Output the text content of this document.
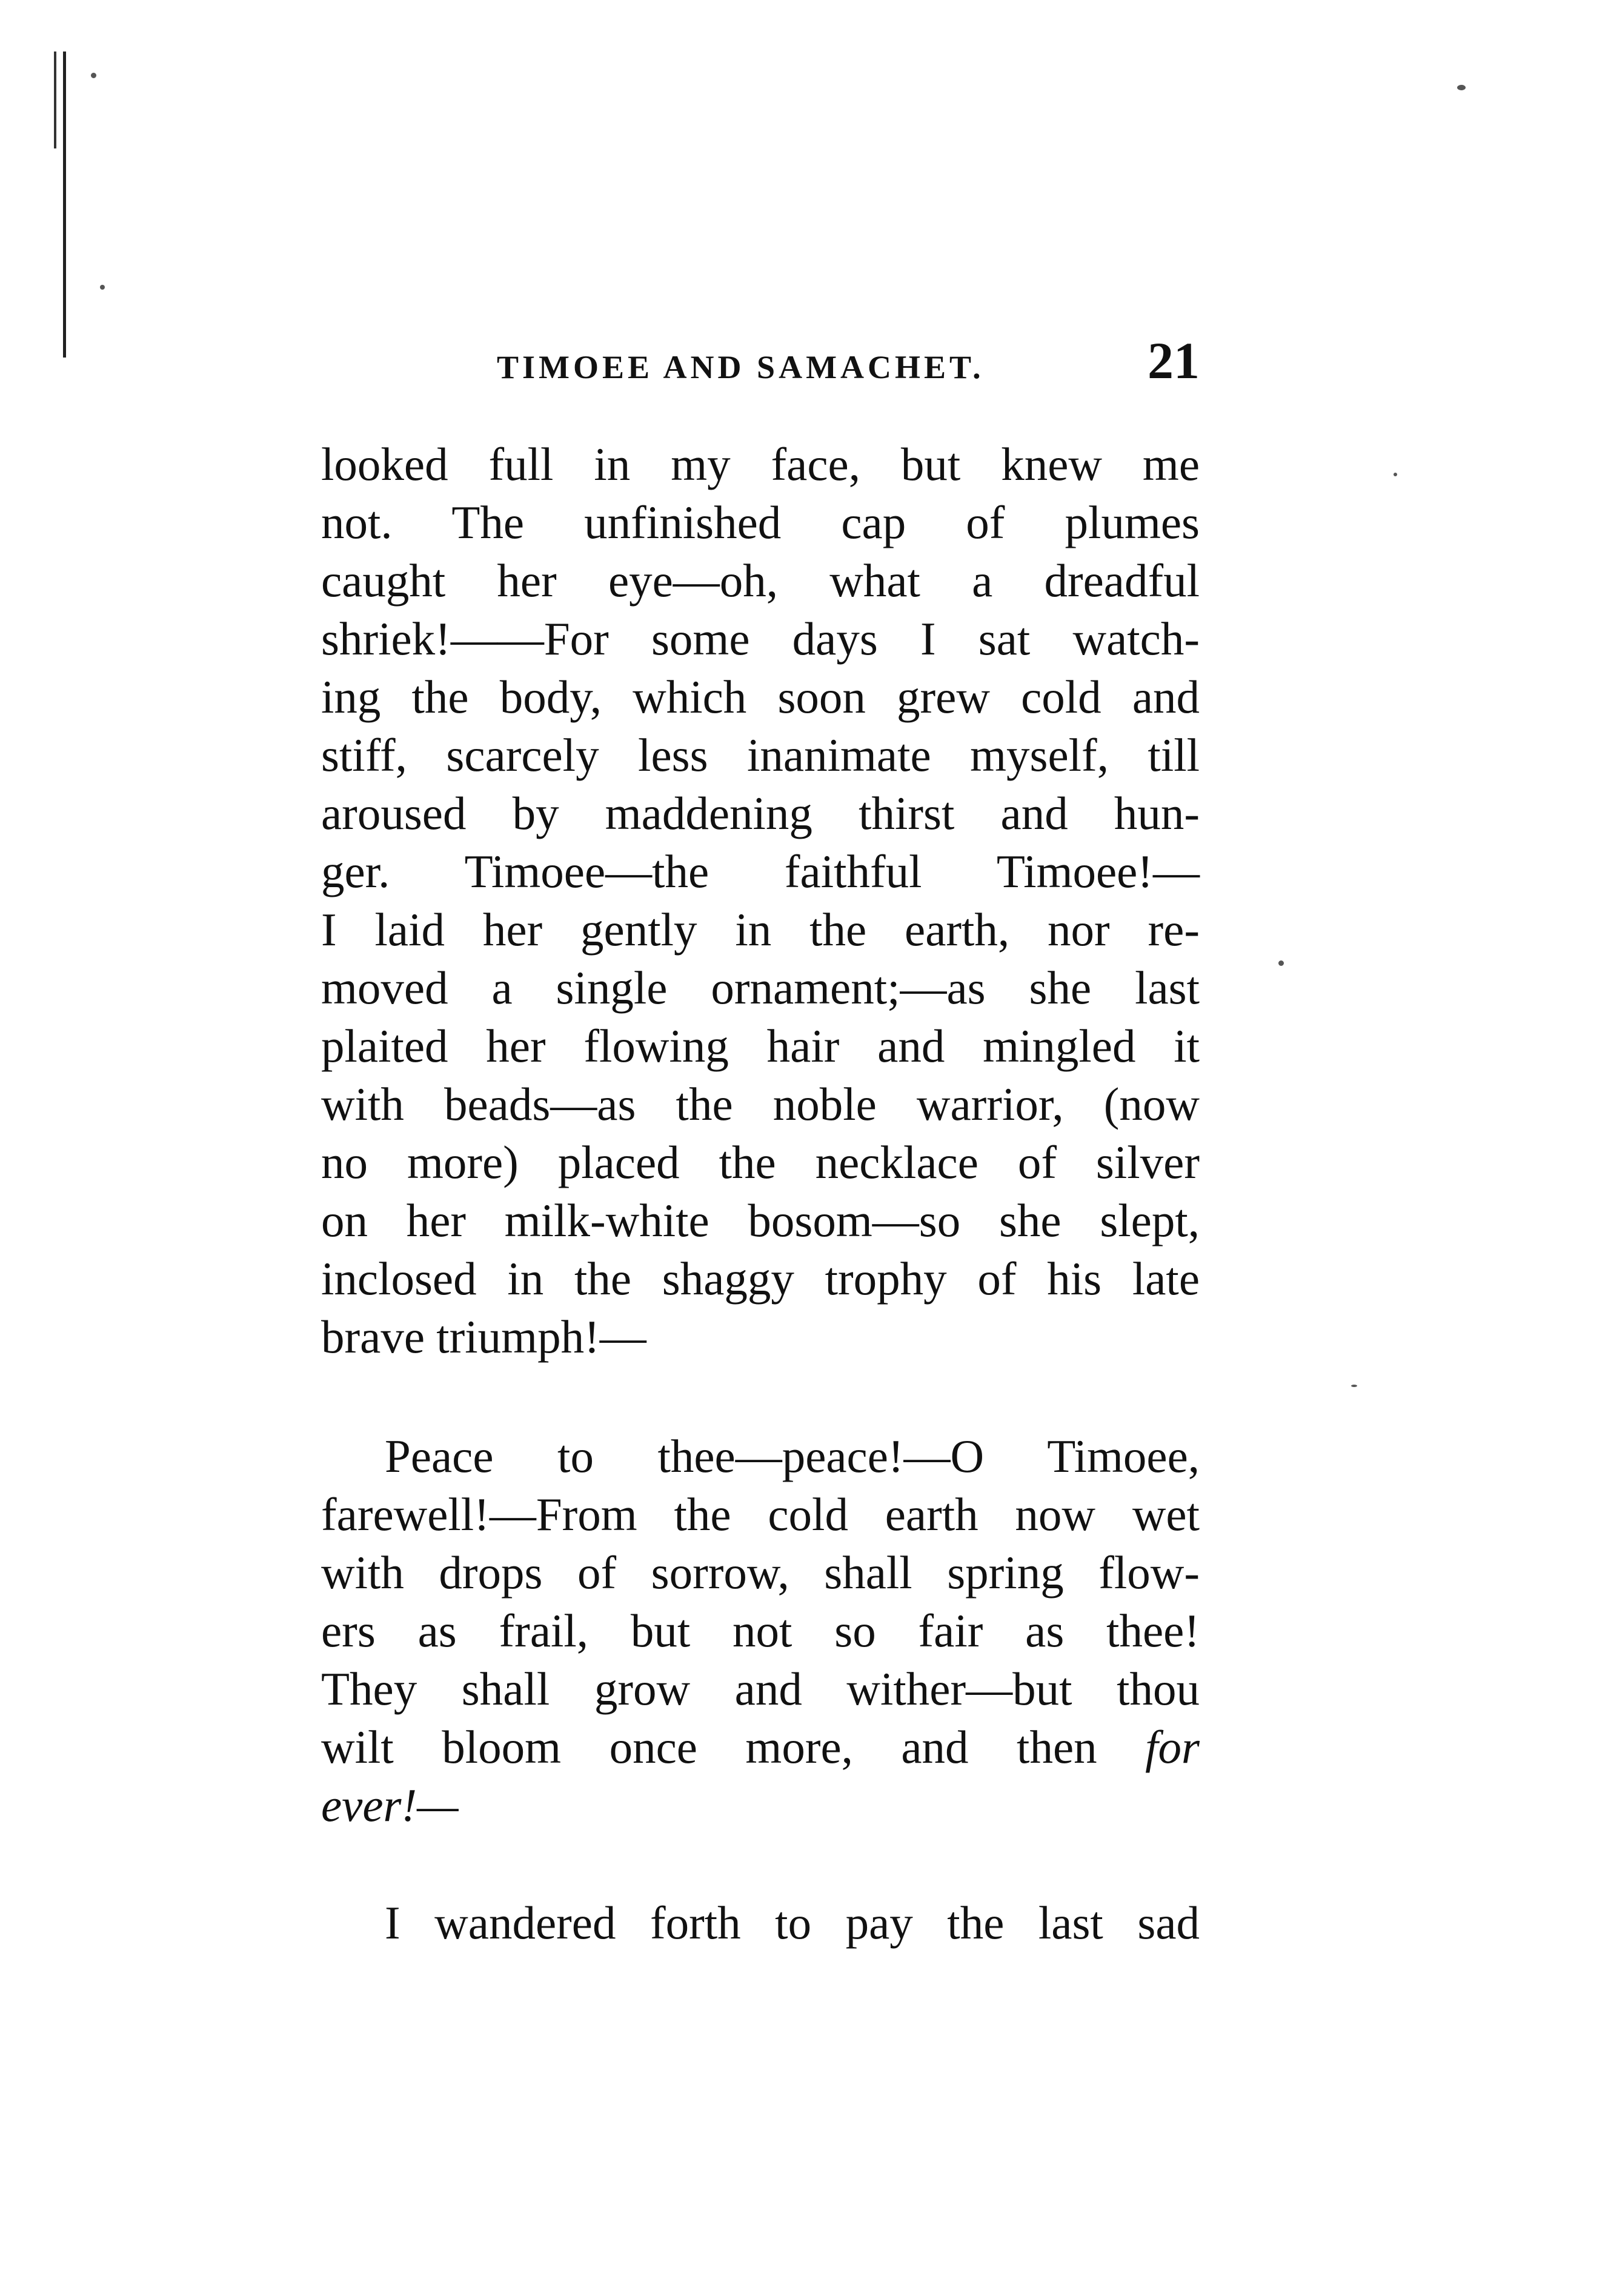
TIMOEE AND SAMACHET.	21
looked full in my face, but knew me
not. The unfinished cap of plumes
caught her eye—oh, what a dreadful
shriek!——For some days I sat watch-
ing the body, which soon grew cold and
stiff, scarcely less inanimate myself, till
aroused by maddening thirst and hun-
ger. Timoee—the faithful Timoee!—
I laid her gently in the earth, nor re-
moved a single ornament;—as she last
plaited her flowing hair and mingled it
with beads—as the noble warrior, (now
no more) placed the necklace of silver
on her milk-white bosom—so she slept,
inclosed in the shaggy trophy of his late
brave triumph!—
Peace to thee—peace!—O Timoee,
farewell!—From the cold earth now wet
with drops of sorrow, shall spring flow-
ers as frail, but not so fair as thee!
They shall grow and wither—but thou
wilt bloom once more, and then for
ever!—
I wandered forth to pay the last sad
